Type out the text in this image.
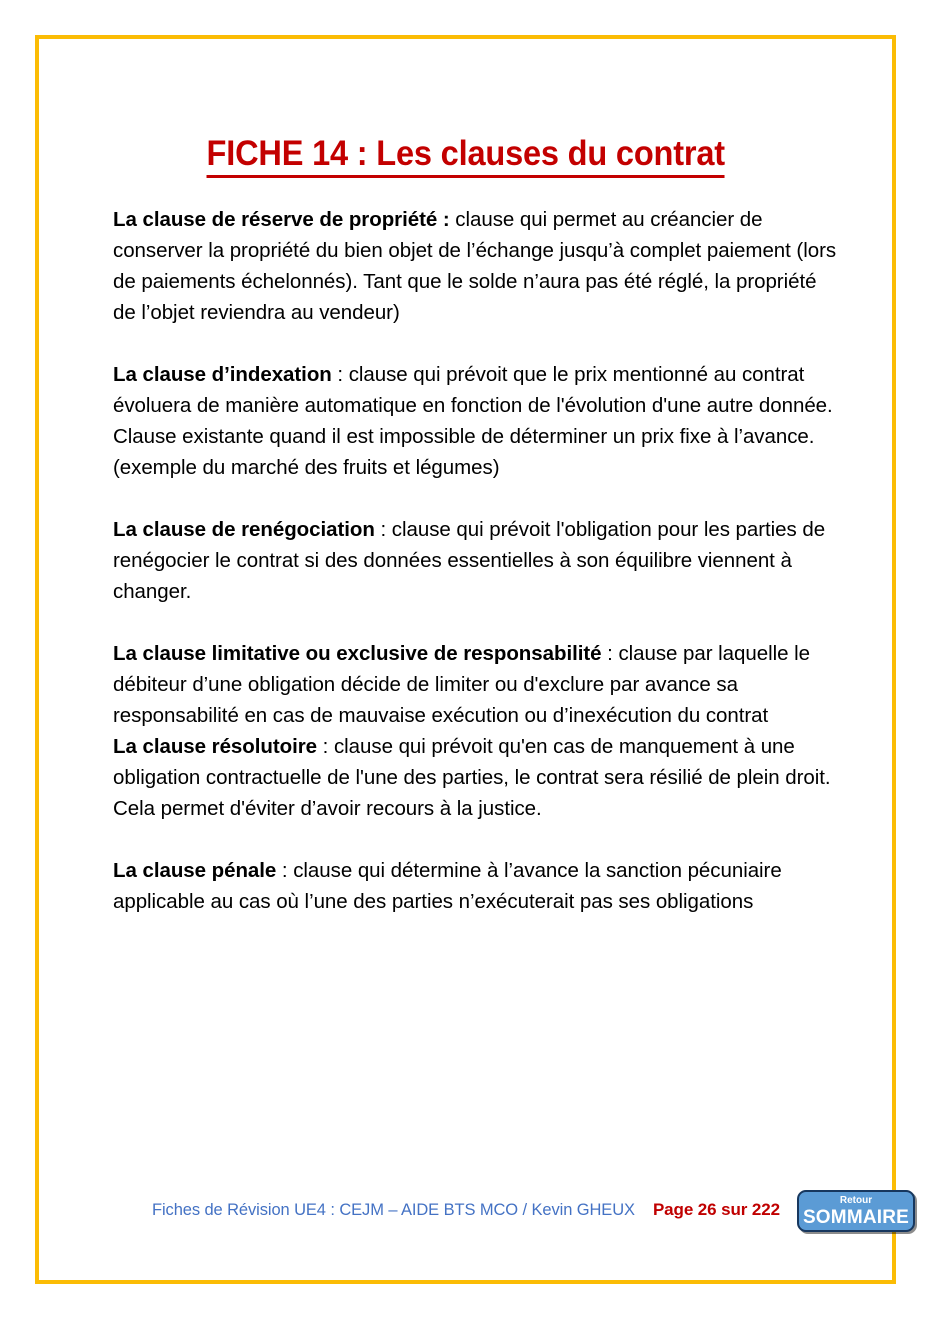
FICHE 14 : Les clauses du contrat

La clause de réserve de propriété : clause qui permet au créancier de conserver la propriété du bien objet de l’échange jusqu’à complet paiement (lors de paiements échelonnés). Tant que le solde n’aura pas été réglé, la propriété de l’objet reviendra au vendeur)

La clause d’indexation : clause qui prévoit que le prix mentionné au contrat évoluera de manière automatique en fonction de l'évolution d'une autre donnée. Clause existante quand il est impossible de déterminer un prix fixe à l’avance. (exemple du marché des fruits et légumes)

La clause de renégociation : clause qui prévoit l'obligation pour les parties de renégocier le contrat si des données essentielles à son équilibre viennent à changer.

La clause limitative ou exclusive de responsabilité : clause par laquelle le débiteur d’une obligation décide de limiter ou d'exclure par avance sa responsabilité en cas de mauvaise exécution ou d’inexécution du contrat

La clause résolutoire : clause qui prévoit qu'en cas de manquement à une obligation contractuelle de l'une des parties, le contrat sera résilié de plein droit. Cela permet d'éviter d’avoir recours à la justice.

La clause pénale : clause qui détermine à l’avance la sanction pécuniaire applicable au cas où l’une des parties n’exécuterait pas ses obligations

Fiches de Révision UE4 : CEJM – AIDE BTS MCO / Kevin GHEUX Page 26 sur 222	Retour
SOMMAIRE
